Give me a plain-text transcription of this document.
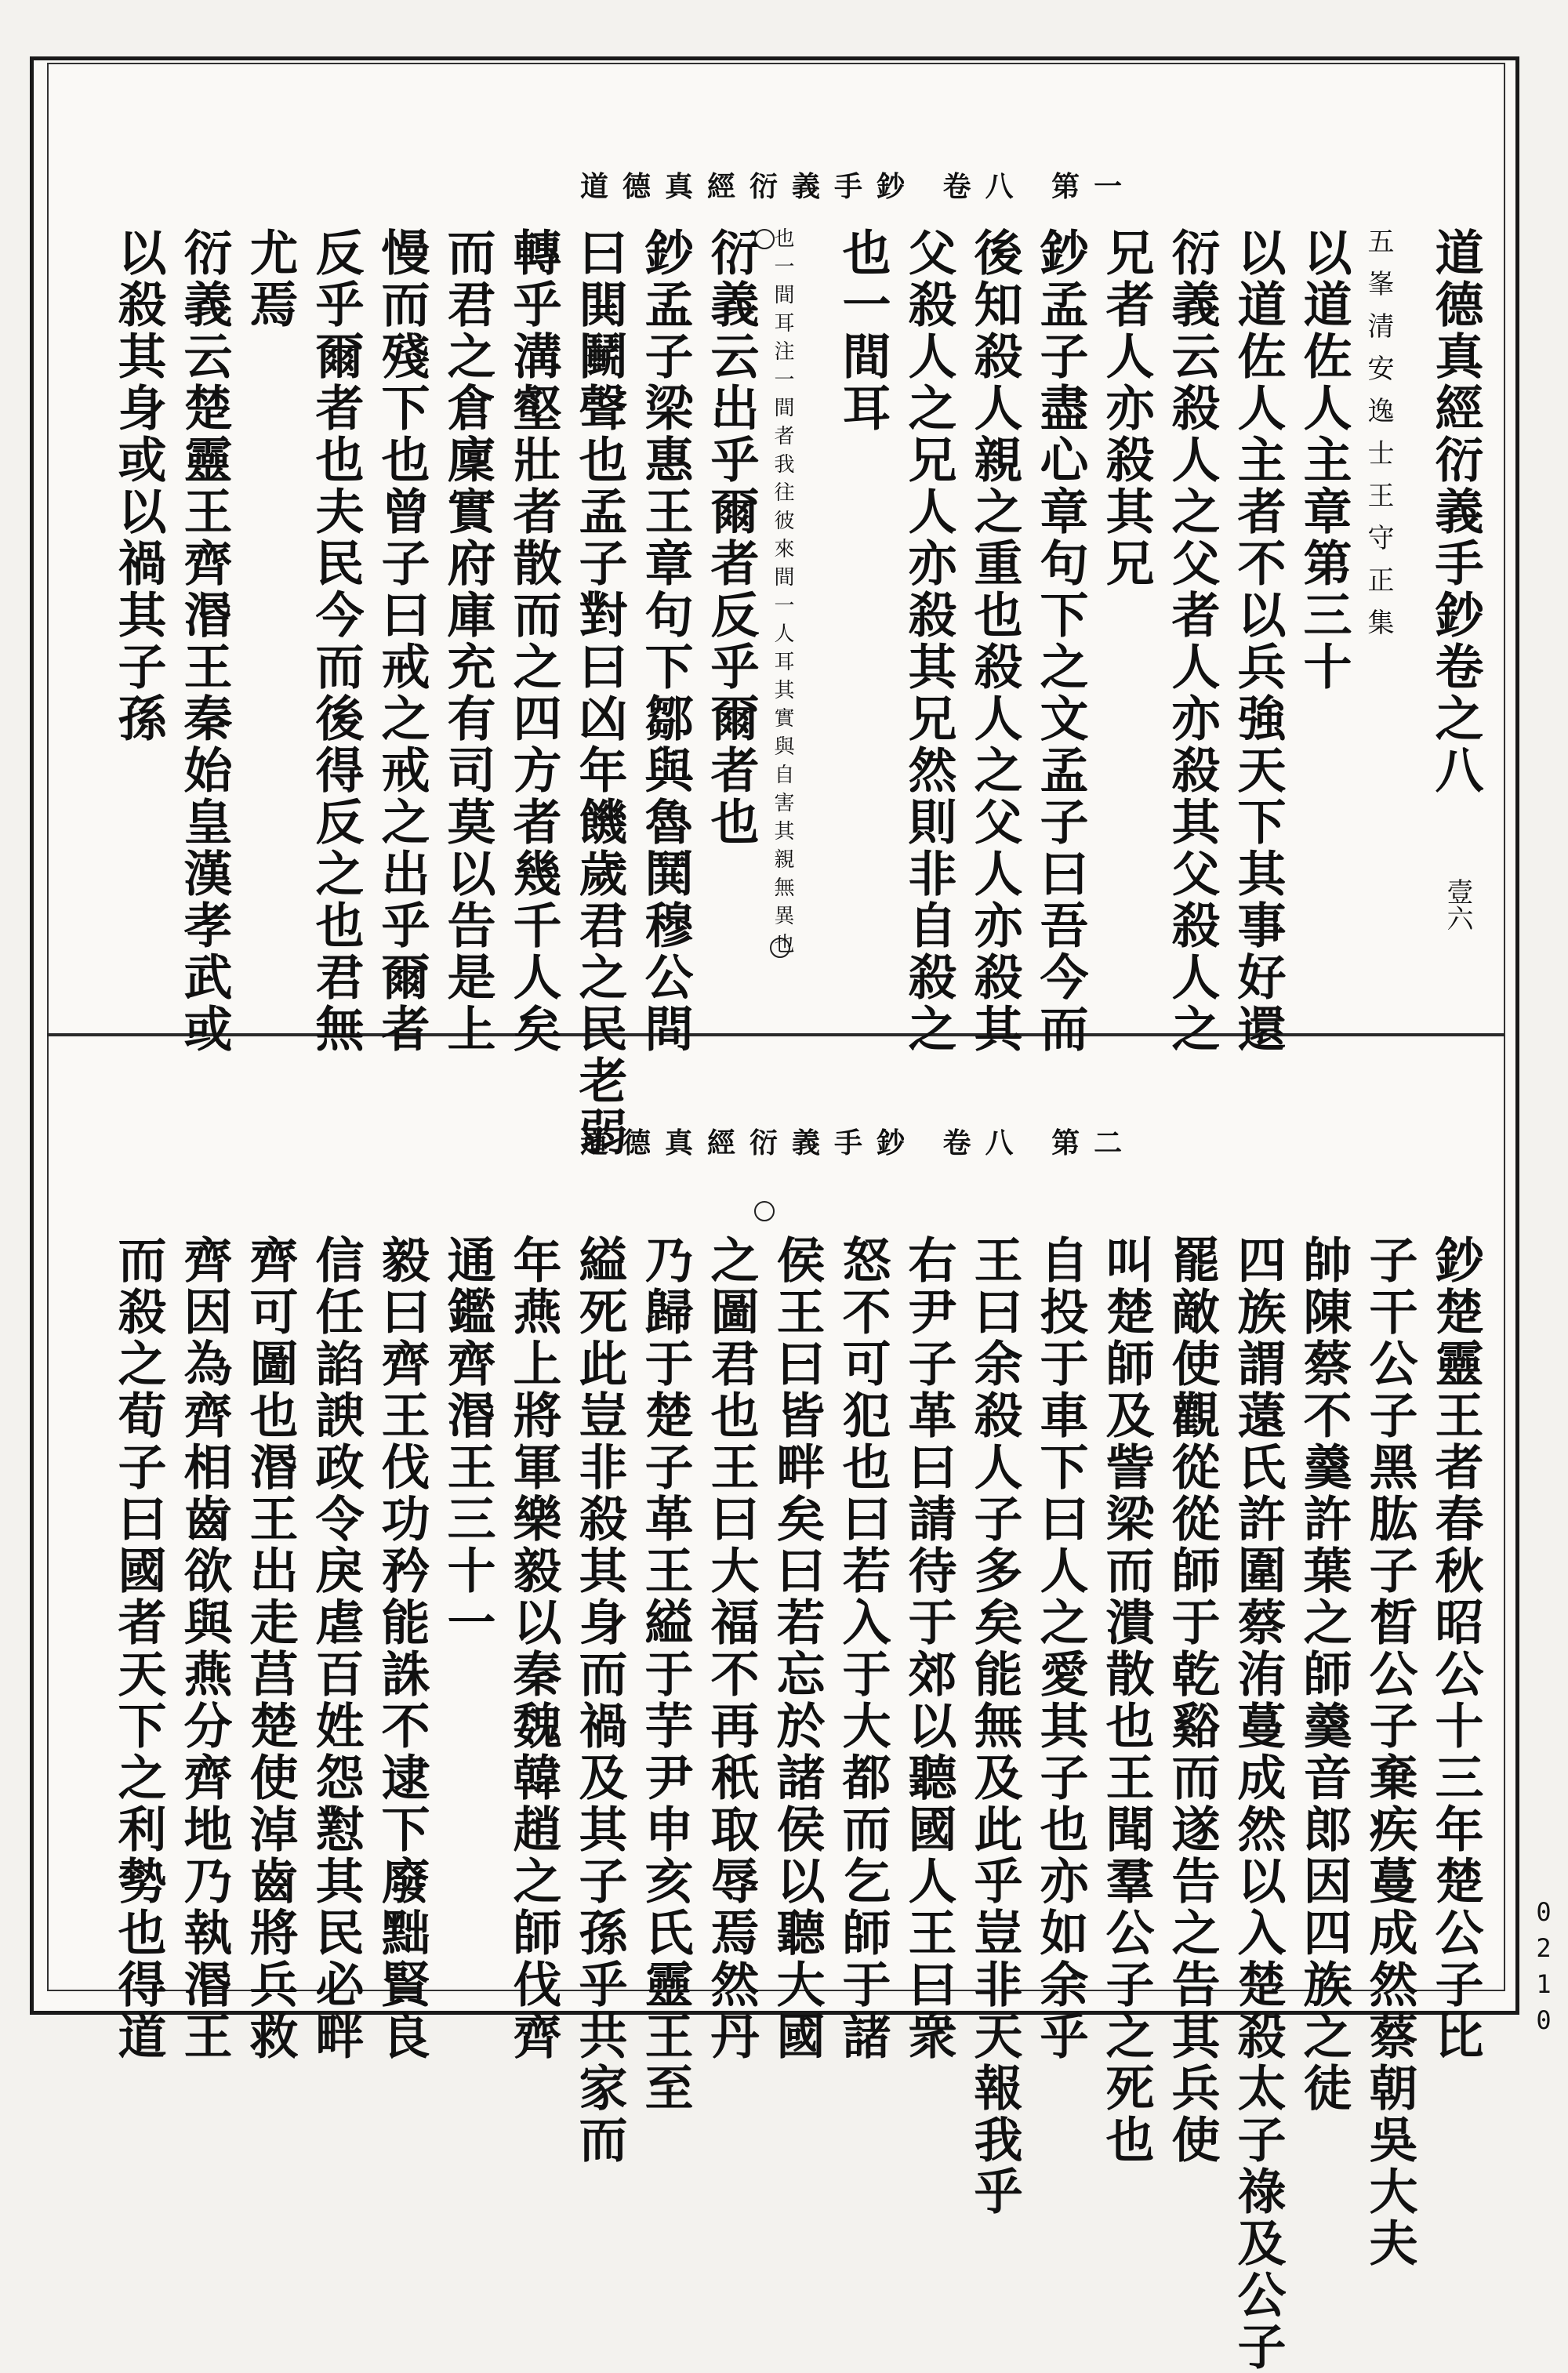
道德真經衍義手鈔 卷八 第一
壹六
道德真經衍義手鈔卷之八
五峯清安逸士王守正集
以道佐人主章第三十
以道佐人主者不以兵強天下其事好還
衍義云殺人之父者人亦殺其父殺人之
兄者人亦殺其兄
鈔孟子盡心章句下之文孟子曰吾今而
後知殺人親之重也殺人之父人亦殺其
父殺人之兄人亦殺其兄然則非自殺之
也一間耳
也一間耳注一間者我往彼來間一人耳其實與自害其親無異也
衍義云出乎爾者反乎爾者也
鈔孟子梁惠王章句下鄒與魯鬨穆公問
曰閧鬭聲也孟子對曰凶年饑歲君之民老弱
轉乎溝壑壯者散而之四方者幾千人矣
而君之倉廩實府庫充有司莫以告是上
慢而殘下也曾子曰戒之戒之出乎爾者
反乎爾者也夫民今而後得反之也君無
尤焉
衍義云楚靈王齊湣王秦始皇漢孝武或
以殺其身或以禍其子孫
道德真經衍義手鈔 卷八 第二
鈔楚靈王者春秋昭公十三年楚公子比
子干公子黑肱子晳公子棄疾蔓成然蔡朝吳大夫
帥陳蔡不羹許葉之師羹音郎因四族之徒
四族謂薳氏許圍蔡洧蔓成然以入楚殺太子祿及公子
罷敵使觀從從師于乾谿而遂告之告其兵使
叫楚師及訾梁而潰散也王聞羣公子之死也
自投于車下曰人之愛其子也亦如余乎
王曰余殺人子多矣能無及此乎豈非天報我乎
右尹子革曰請待于郊以聽國人王曰衆
怒不可犯也曰若入于大都而乞師于諸
侯王曰皆畔矣曰若忘於諸侯以聽大國
之圖君也王曰大福不再秖取辱焉然丹
乃歸于楚子革王縊于芋尹申亥氏靈王至
縊死此豈非殺其身而禍及其子孫乎共家而
年燕上將軍樂毅以秦魏韓趙之師伐齊
通鑑齊湣王三十一
毅曰齊王伐功矜能誅不逮下廢黜賢良
信任諂諛政令戾虐百姓怨懟其民必畔
齊可圖也湣王出走莒楚使淖齒將兵救
齊因為齊相齒欲與燕分齊地乃執湣王
而殺之荀子曰國者天下之利勢也得道	0210
